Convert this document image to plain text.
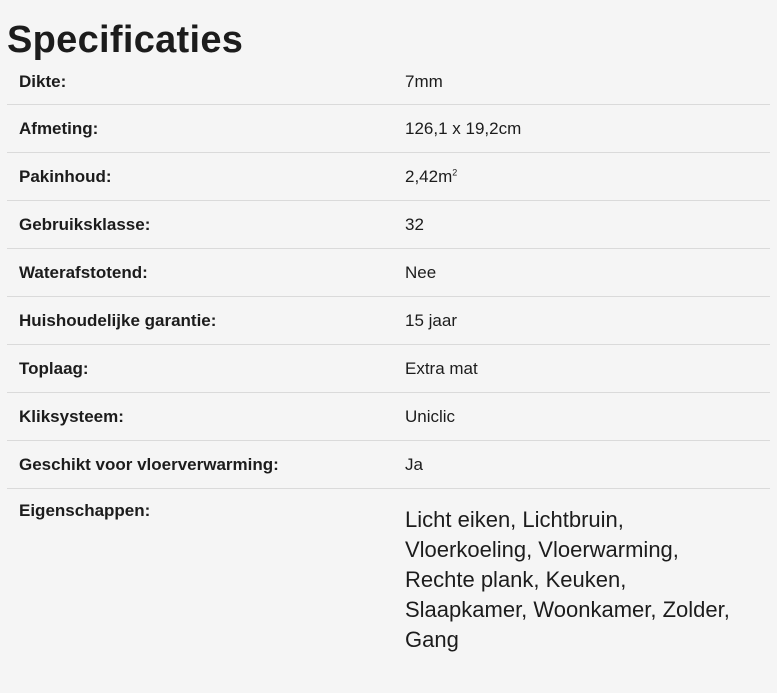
Specificaties
Dikte:	7mm
Afmeting:	126,1 x 19,2cm
Pakinhoud:	$2,42m^2$
Gebruiksklasse:	32
Waterafstotend:	Nee
Huishoudelijke garantie:	15 jaar
Toplaag:	Extra mat
Kliksysteem:	Uniclic
Geschikt voor vloerverwarming:	Ja
Eigenschappen:	Licht eiken, Lichtbruin, Vloerkoeling, Vloerwarming, Rechte plank, Keuken, Slaapkamer, Woonkamer, Zolder, Gang
